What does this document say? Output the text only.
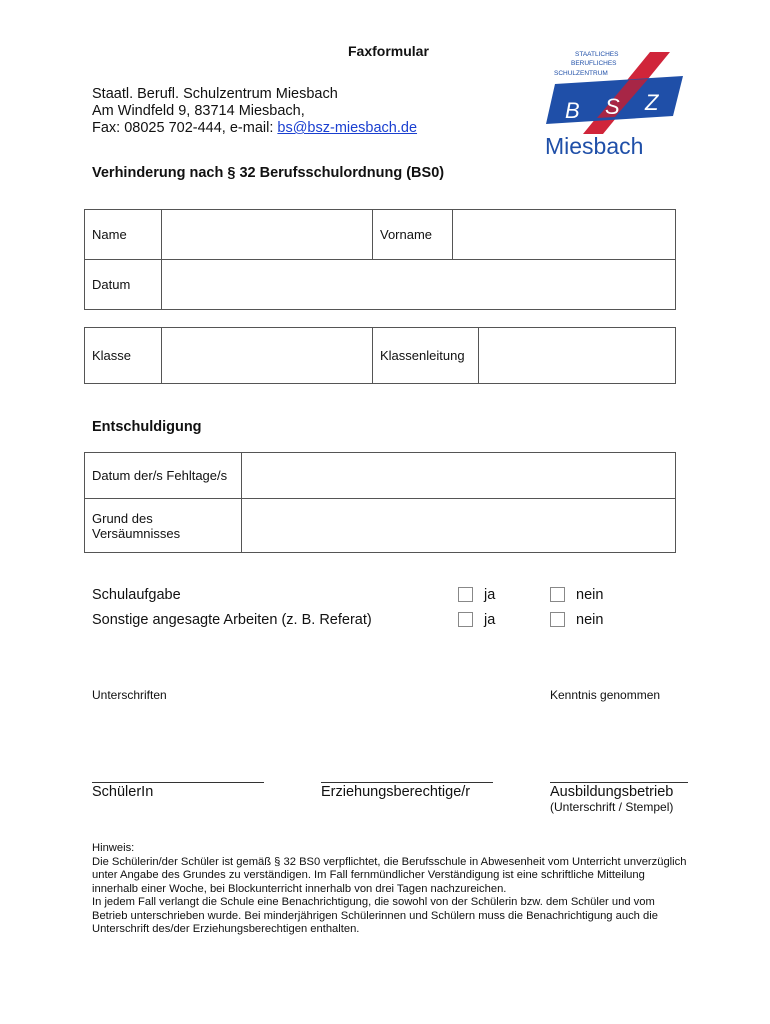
Faxformular
Staatl. Berufl. Schulzentrum Miesbach
Am Windfeld 9, 83714 Miesbach,
Fax: 08025 702-444, e-mail: bs@bsz-miesbach.de
STAATLICHES
BERUFLICHES
SCHULZENTRUM
B S Z
Miesbach
Verhinderung nach § 32 Berufsschulordnung (BS0)
Name		Vorname	
Datum			
Klasse		Klassenleitung	
Entschuldigung
Datum der/s Fehltage/s	
Grund des Versäumnisses	
Schulaufgabe	ja	nein
Sonstige angesagte Arbeiten (z. B. Referat)	ja	nein
Unterschriften	Kenntnis genommen
SchülerIn	Erziehungsberechtige/r	Ausbildungsbetrieb
(Unterschrift / Stempel)
Hinweis:
Die Schülerin/der Schüler ist gemäß § 32 BS0 verpflichtet, die Berufsschule in Abwesenheit vom Unterricht unverzüglich unter Angabe des Grundes zu verständigen. Im Fall fernmündlicher Verständigung ist eine schriftliche Mitteilung innerhalb einer Woche, bei Blockunterricht innerhalb von drei Tagen nachzureichen.
In jedem Fall verlangt die Schule eine Benachrichtigung, die sowohl von der Schülerin bzw. dem Schüler und vom Betrieb unterschrieben wurde. Bei minderjährigen Schülerinnen und Schülern muss die Benachrichtigung auch die Unterschrift des/der Erziehungsberechtigen enthalten.
